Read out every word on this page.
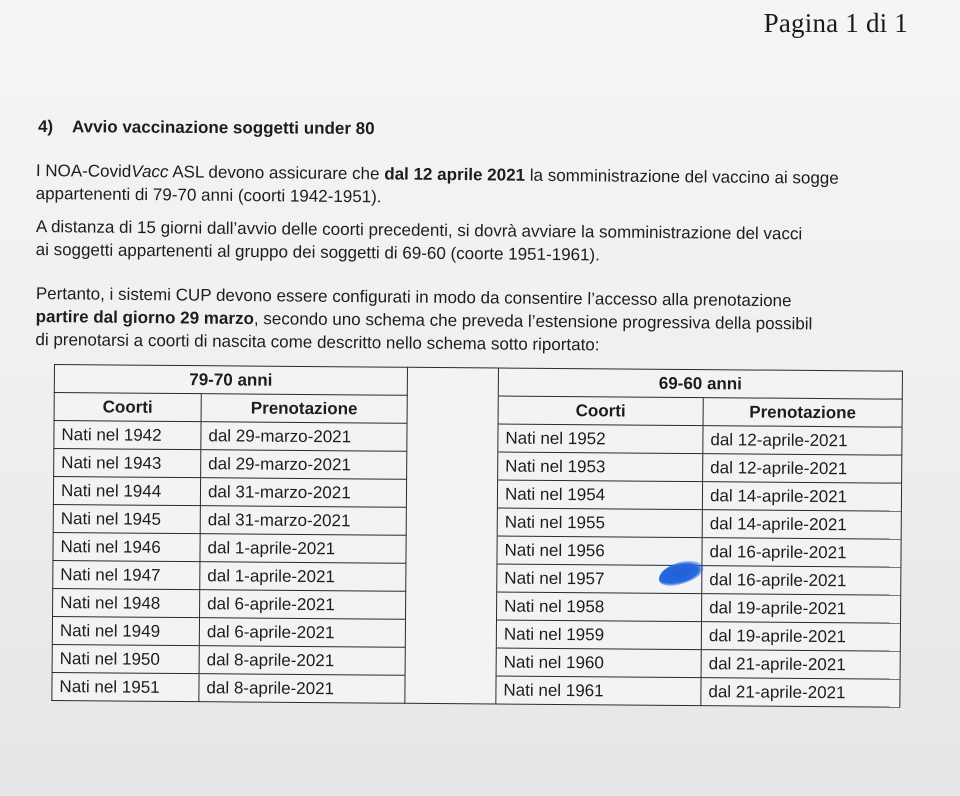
Pagina 1 di 1
4) Avvio vaccinazione soggetti under 80
I NOA-CovidVacc ASL devono assicurare che dal 12 aprile 2021 la somministrazione del vaccino ai sogge
appartenenti di 79-70 anni (coorti 1942-1951).
A distanza di 15 giorni dall’avvio delle coorti precedenti, si dovrà avviare la somministrazione del vacci
ai soggetti appartenenti al gruppo dei soggetti di 69-60 (coorte 1951-1961).
Pertanto, i sistemi CUP devono essere configurati in modo da consentire l’accesso alla prenotazione
partire dal giorno 29 marzo, secondo uno schema che preveda l’estensione progressiva della possibil
di prenotarsi a coorti di nascita come descritto nello schema sotto riportato:
79-70 anni			69-60 anni	
Coorti	Prenotazione		Coorti	Prenotazione
Nati nel 1942	dal 29-marzo-2021		Nati nel 1952	dal 12-aprile-2021
Nati nel 1943	dal 29-marzo-2021		Nati nel 1953	dal 12-aprile-2021
Nati nel 1944	dal 31-marzo-2021		Nati nel 1954	dal 14-aprile-2021
Nati nel 1945	dal 31-marzo-2021		Nati nel 1955	dal 14-aprile-2021
Nati nel 1946	dal 1-aprile-2021		Nati nel 1956	dal 16-aprile-2021
Nati nel 1947	dal 1-aprile-2021		Nati nel 1957	dal 16-aprile-2021
Nati nel 1948	dal 6-aprile-2021		Nati nel 1958	dal 19-aprile-2021
Nati nel 1949	dal 6-aprile-2021		Nati nel 1959	dal 19-aprile-2021
Nati nel 1950	dal 8-aprile-2021		Nati nel 1960	dal 21-aprile-2021
Nati nel 1951	dal 8-aprile-2021		Nati nel 1961	dal 21-aprile-2021
